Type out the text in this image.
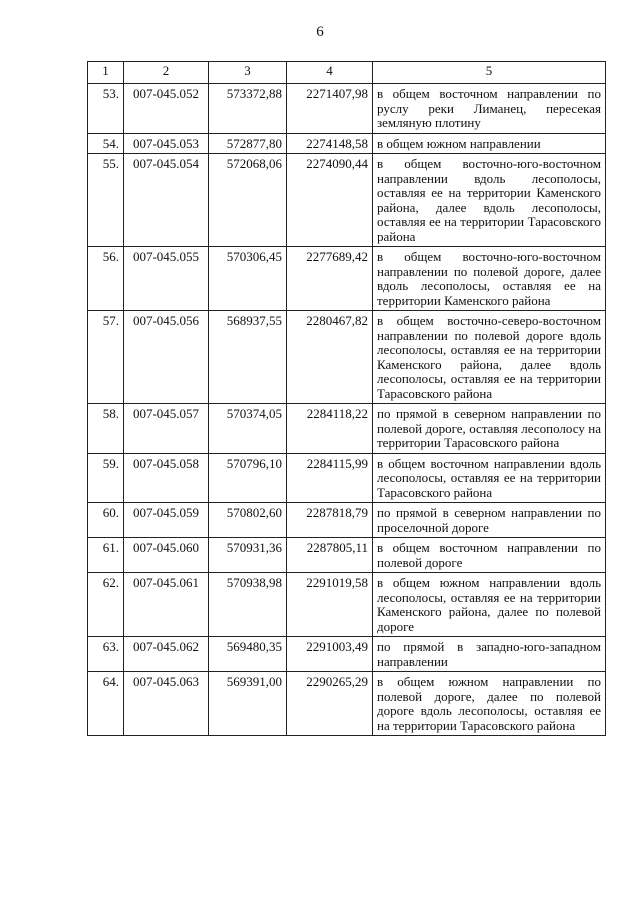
6
1	2	3	4	5
53.	007-045.052	573372,88	2271407,98	в общем восточном направлении по руслу реки Лиманец, пересекая земляную плотину
54.	007-045.053	572877,80	2274148,58	в общем южном направлении
55.	007-045.054	572068,06	2274090,44	в общем восточно-юго-восточном направлении вдоль лесополосы, оставляя ее на территории Каменского района, далее вдоль лесополосы, оставляя ее на территории Тарасовского района
56.	007-045.055	570306,45	2277689,42	в общем восточно-юго-восточном направлении по полевой дороге, далее вдоль лесополосы, оставляя ее на территории Каменского района
57.	007-045.056	568937,55	2280467,82	в общем восточно-северо-восточном направлении по полевой дороге вдоль лесополосы, оставляя ее на территории Каменского района, далее вдоль лесополосы, оставляя ее на территории Тарасовского района
58.	007-045.057	570374,05	2284118,22	по прямой в северном направлении по полевой дороге, оставляя лесополосу на территории Тарасовского района
59.	007-045.058	570796,10	2284115,99	в общем восточном направлении вдоль лесополосы, оставляя ее на территории Тарасовского района
60.	007-045.059	570802,60	2287818,79	по прямой в северном направлении по проселочной дороге
61.	007-045.060	570931,36	2287805,11	в общем восточном направлении по полевой дороге
62.	007-045.061	570938,98	2291019,58	в общем южном направлении вдоль лесополосы, оставляя ее на территории Каменского района, далее по полевой дороге
63.	007-045.062	569480,35	2291003,49	по прямой в западно-юго-западном направлении
64.	007-045.063	569391,00	2290265,29	в общем южном направлении по полевой дороге, далее по полевой дороге вдоль лесополосы, оставляя ее на территории Тарасовского района
